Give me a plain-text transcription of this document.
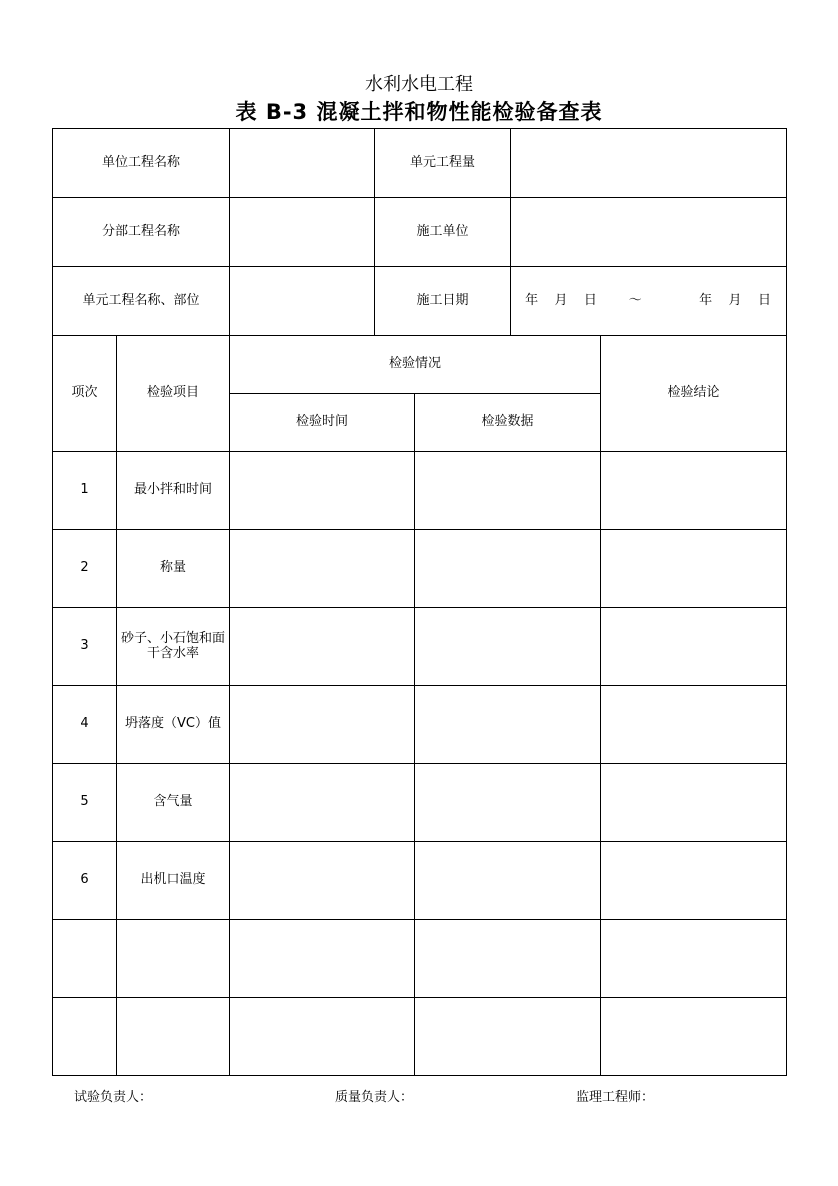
水利水电工程
表 B-3 混凝土拌和物性能检验备查表
单位工程名称			单元工程量			
分部工程名称			施工单位			
单元工程名称、部位			施工日期		年   月   日      ～           年   月   日	
项次	检验项目	检验情况				检验结论
		检验时间		检验数据		
1	最小拌和时间					
2	称量					
3	砂子、小石饱和面干含水率					
4	坍落度（VC）值					
5	含气量					
6	出机口温度					

试验负责人：	质量负责人：	监理工程师：
